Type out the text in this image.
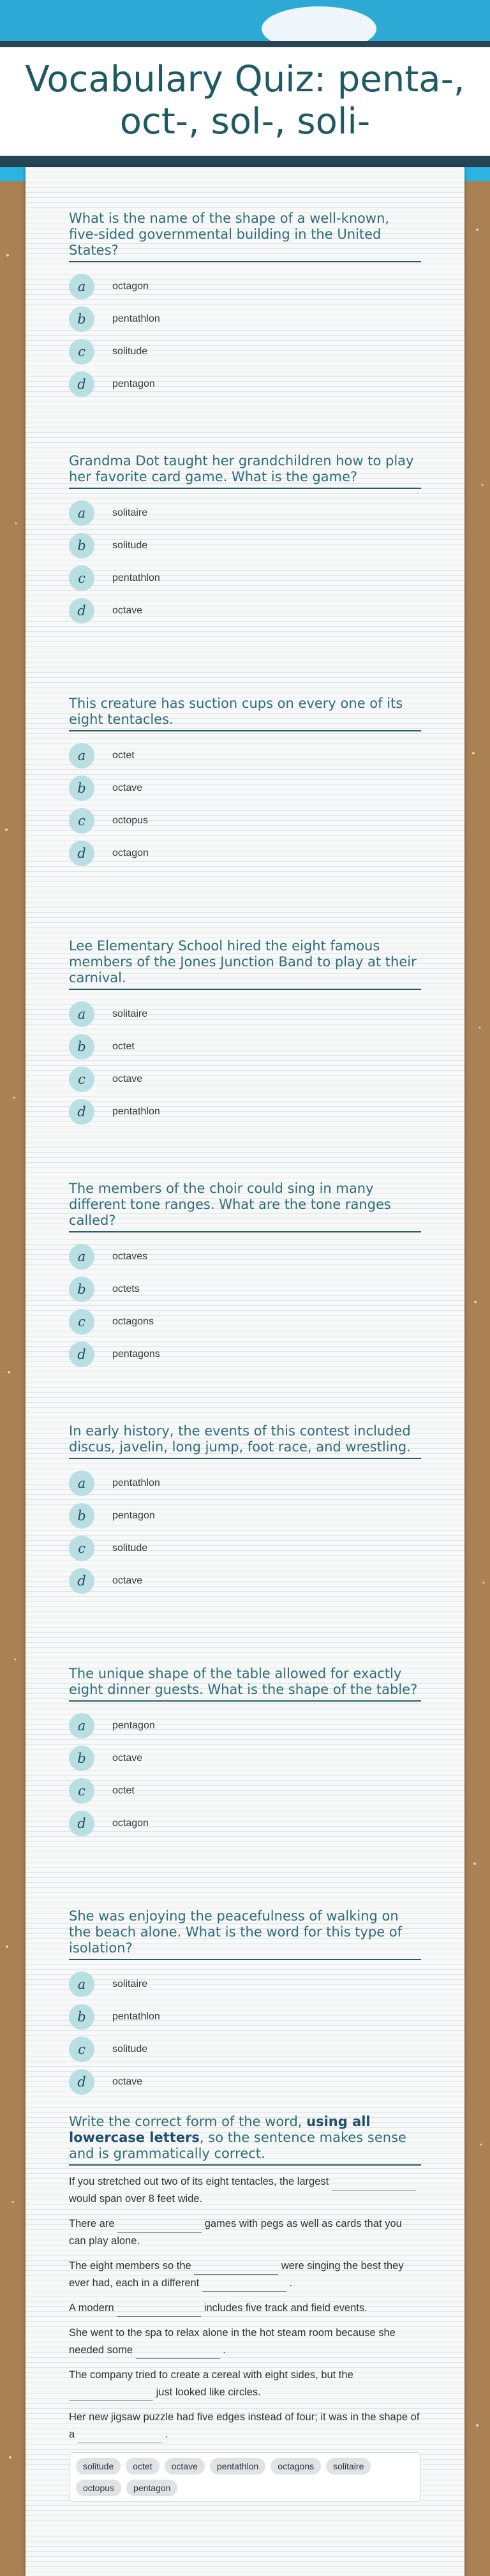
Vocabulary Quiz: penta-, oct-, sol-, soli-
What is the name of the shape of a well-known, five-sided governmental building in the United States?
a	octagon
b	pentathlon
c	solitude
d	pentagon
Grandma Dot taught her grandchildren how to play her favorite card game. What is the game?
a	solitaire
b	solitude
c	pentathlon
d	octave
This creature has suction cups on every one of its eight tentacles.
a	octet
b	octave
c	octopus
d	octagon
Lee Elementary School hired the eight famous members of the Jones Junction Band to play at their carnival.
a	solitaire
b	octet
c	octave
d	pentathlon
The members of the choir could sing in many different tone ranges. What are the tone ranges called?
a	octaves
b	octets
c	octagons
d	pentagons
In early history, the events of this contest included discus, javelin, long jump, foot race, and wrestling.
a	pentathlon
b	pentagon
c	solitude
d	octave
The unique shape of the table allowed for exactly eight dinner guests. What is the shape of the table?
a	pentagon
b	octave
c	octet
d	octagon
She was enjoying the peacefulness of walking on the beach alone. What is the word for this type of isolation?
a	solitaire
b	pentathlon
c	solitude
d	octave
Write the correct form of the word, using all lowercase letters, so the sentence makes sense and is grammatically correct.
If you stretched out two of its eight tentacles, the largest  would span over 8 feet wide.
There are	games with pegs as well as cards that you can play alone.
The eight members so the	were singing the best they ever had, each in a different	.
A modern	includes five track and field events.
She went to the spa to relax alone in the hot steam room because she needed some	.
The company tried to create a cereal with eight sides, but the  just looked like circles.
Her new jigsaw puzzle had five edges instead of four; it was in the shape of a	.
solitude	octet	octave	pentathlon	octagons	solitaire
octopus	pentagon
